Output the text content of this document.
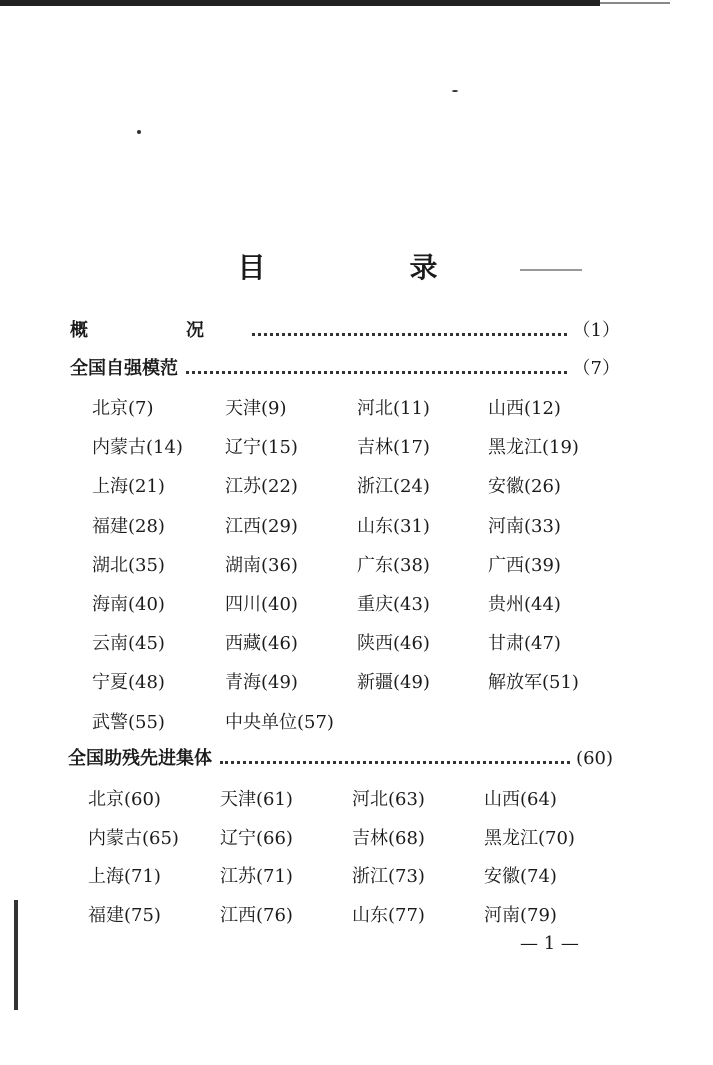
目　录
概　况	（1）
全国自强模范	（7）
北京(7)	天津(9)	河北(11)	山西(12)
内蒙古(14) 辽宁(15)	吉林(17)	黑龙江(19)
上海(21)	江苏(22)	浙江(24)	安徽(26)
福建(28)	江西(29)	山东(31)	河南(33)
湖北(35)	湖南(36)	广东(38)	广西(39)
海南(40)	四川(40)	重庆(43)	贵州(44)
云南(45)	西藏(46)	陕西(46)	甘肃(47)
宁夏(48)	青海(49)	新疆(49)	解放军(51)
武警(55)	中央单位(57)
全国助残先进集体	(60)
北京(60)	天津(61)	河北(63)	山西(64)
内蒙古(65) 辽宁(66)	吉林(68)	黑龙江(70)
上海(71)	江苏(71)	浙江(73)	安徽(74)
福建(75)	江西(76)	山东(77)	河南(79)
— 1 —
